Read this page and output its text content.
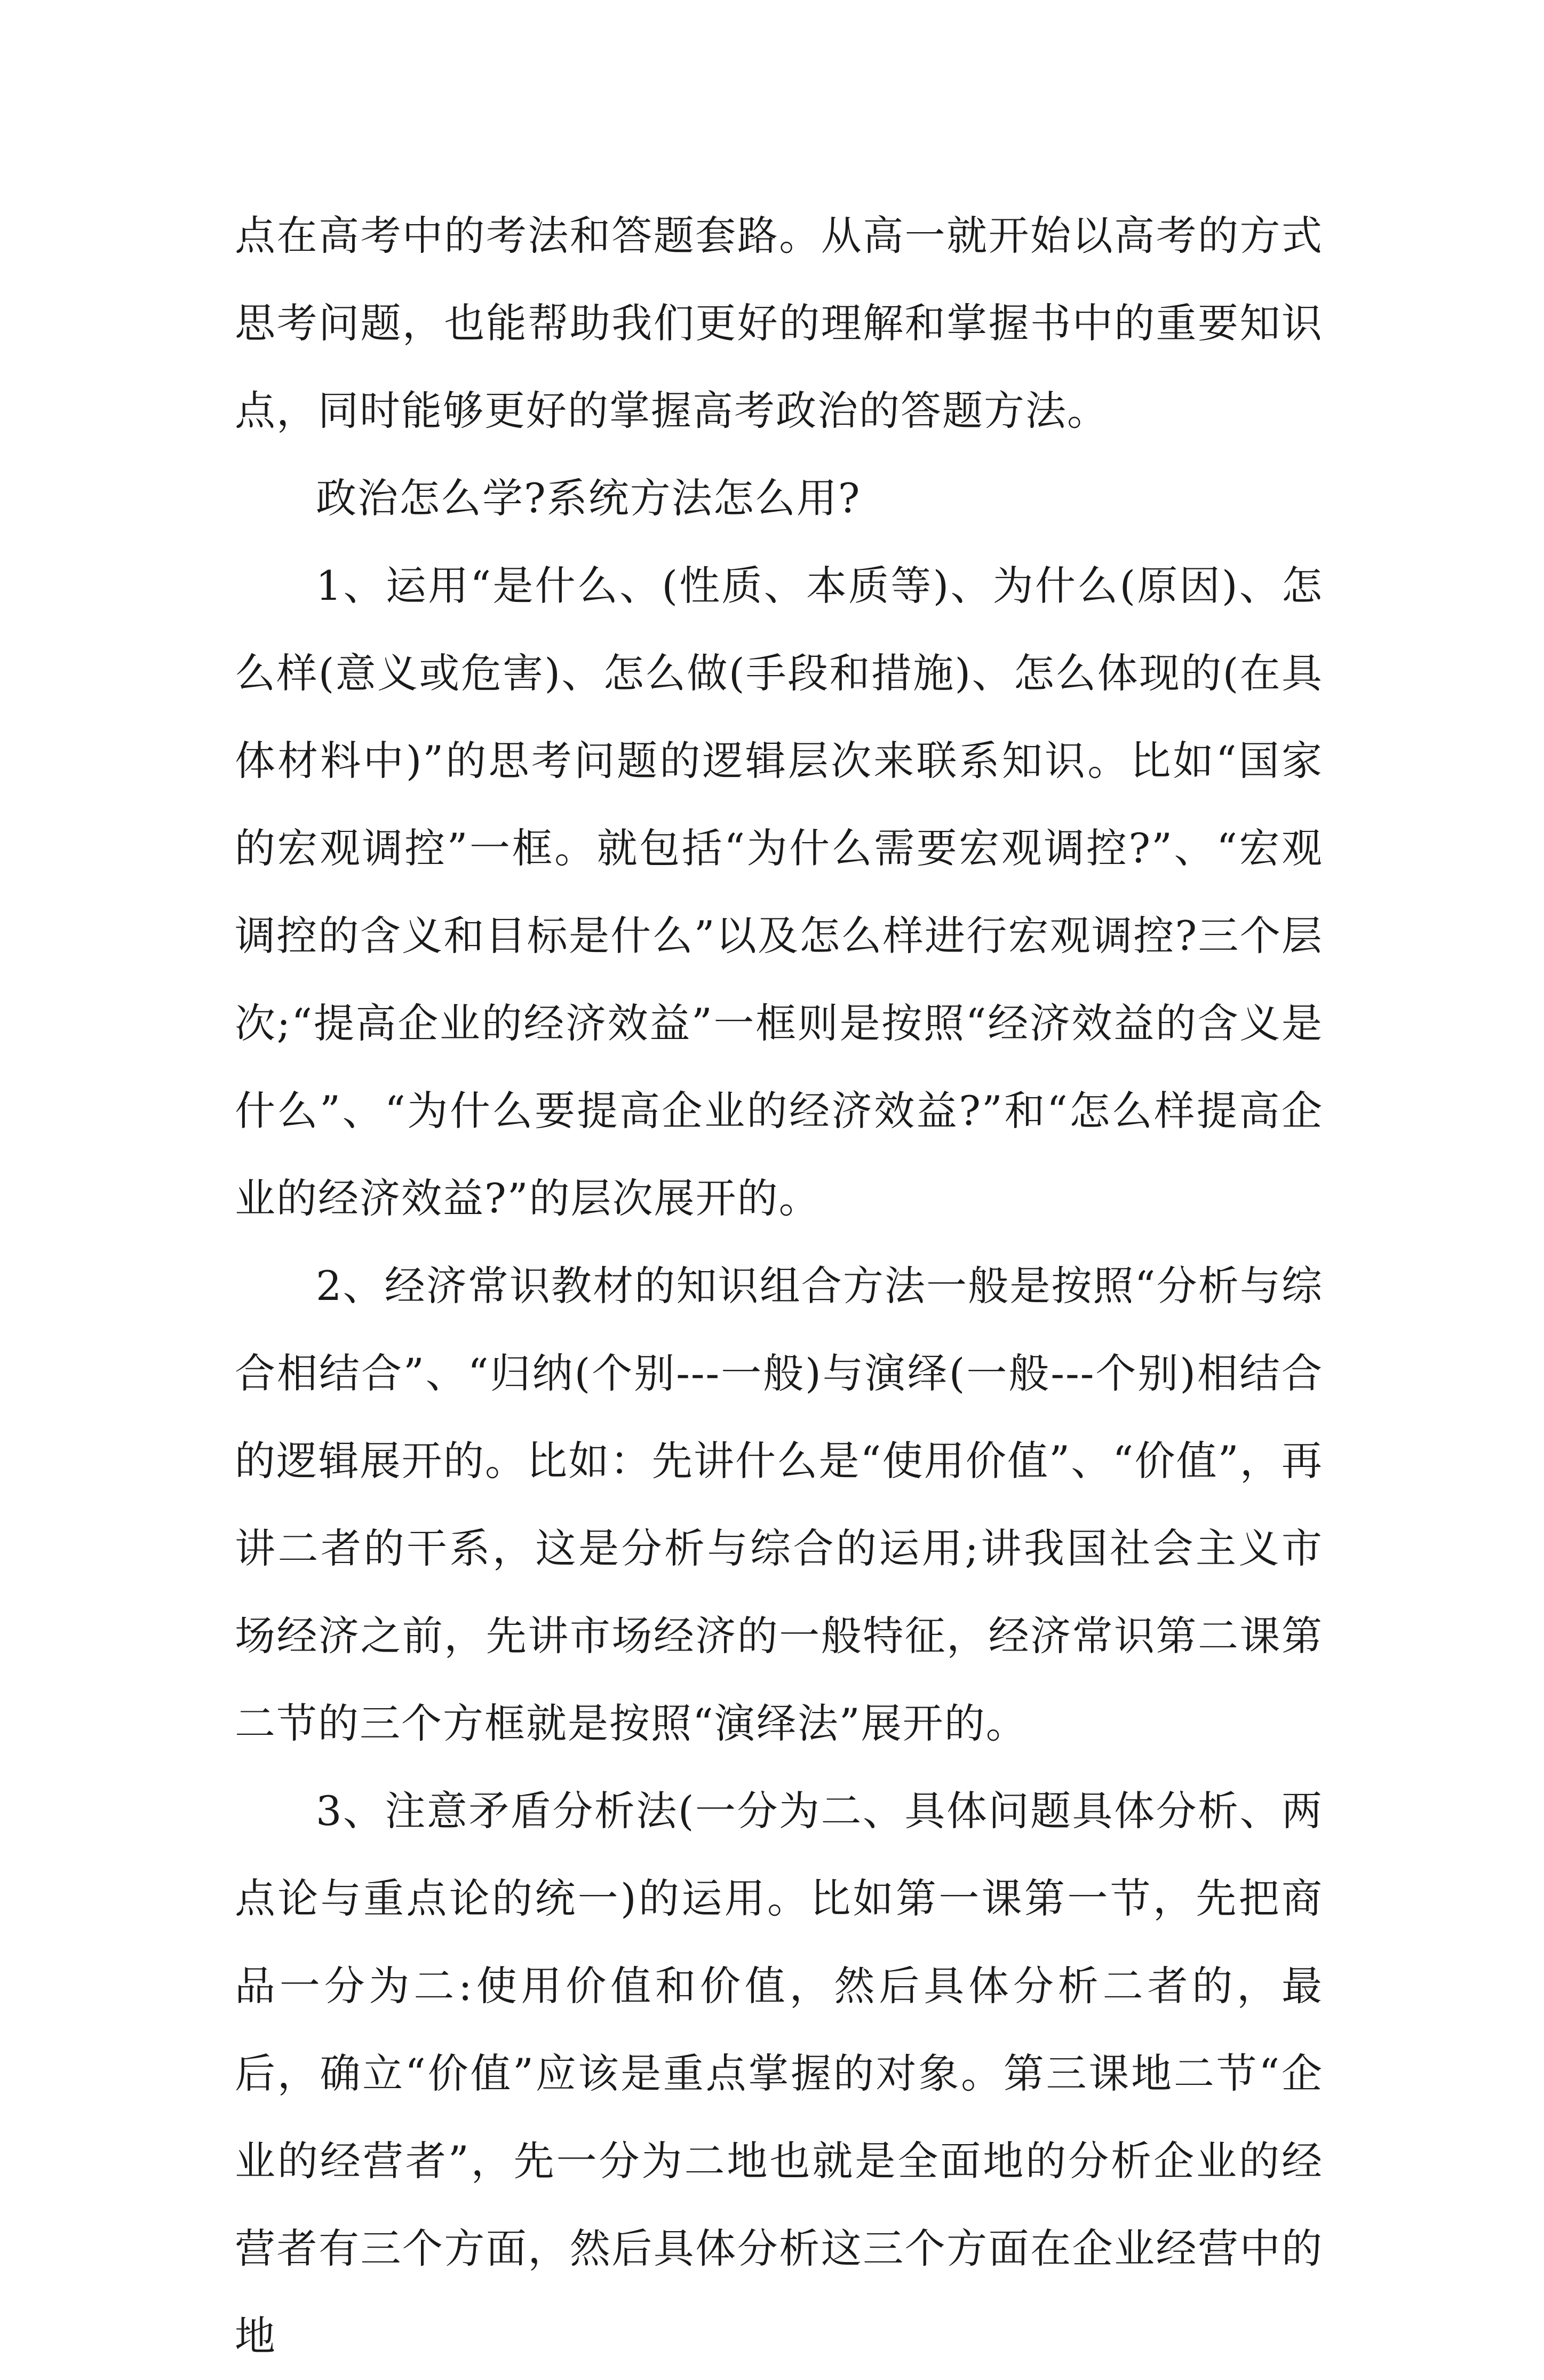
点在高考中的考法和答题套路。从高一就开始以高考的方式思考问题，也能帮助我们更好的理解和掌握书中的重要知识点，同时能够更好的掌握高考政治的答题方法。

政治怎么学?系统方法怎么用?

1、运用“是什么、(性质、本质等)、为什么(原因)、怎么样(意义或危害)、怎么做(手段和措施)、怎么体现的(在具体材料中)”的思考问题的逻辑层次来联系知识。比如“国家的宏观调控”一框。就包括“为什么需要宏观调控?”、“宏观调控的含义和目标是什么”以及怎么样进行宏观调控?三个层次;“提高企业的经济效益”一框则是按照“经济效益的含义是什么”、“为什么要提高企业的经济效益?”和“怎么样提高企业的经济效益?”的层次展开的。

2、经济常识教材的知识组合方法一般是按照“分析与综合相结合”、“归纳(个别---一般)与演绎(一般---个别)相结合的逻辑展开的。比如：先讲什么是“使用价值”、“价值”，再讲二者的干系，这是分析与综合的运用;讲我国社会主义市场经济之前，先讲市场经济的一般特征，经济常识第二课第二节的三个方框就是按照“演绎法”展开的。

3、注意矛盾分析法(一分为二、具体问题具体分析、两点论与重点论的统一)的运用。比如第一课第一节，先把商品一分为二:使用价值和价值，然后具体分析二者的，最后，确立“价值”应该是重点掌握的对象。第三课地二节“企业的经营者”，先一分为二地也就是全面地的分析企业的经营者有三个方面，然后具体分析这三个方面在企业经营中的地
